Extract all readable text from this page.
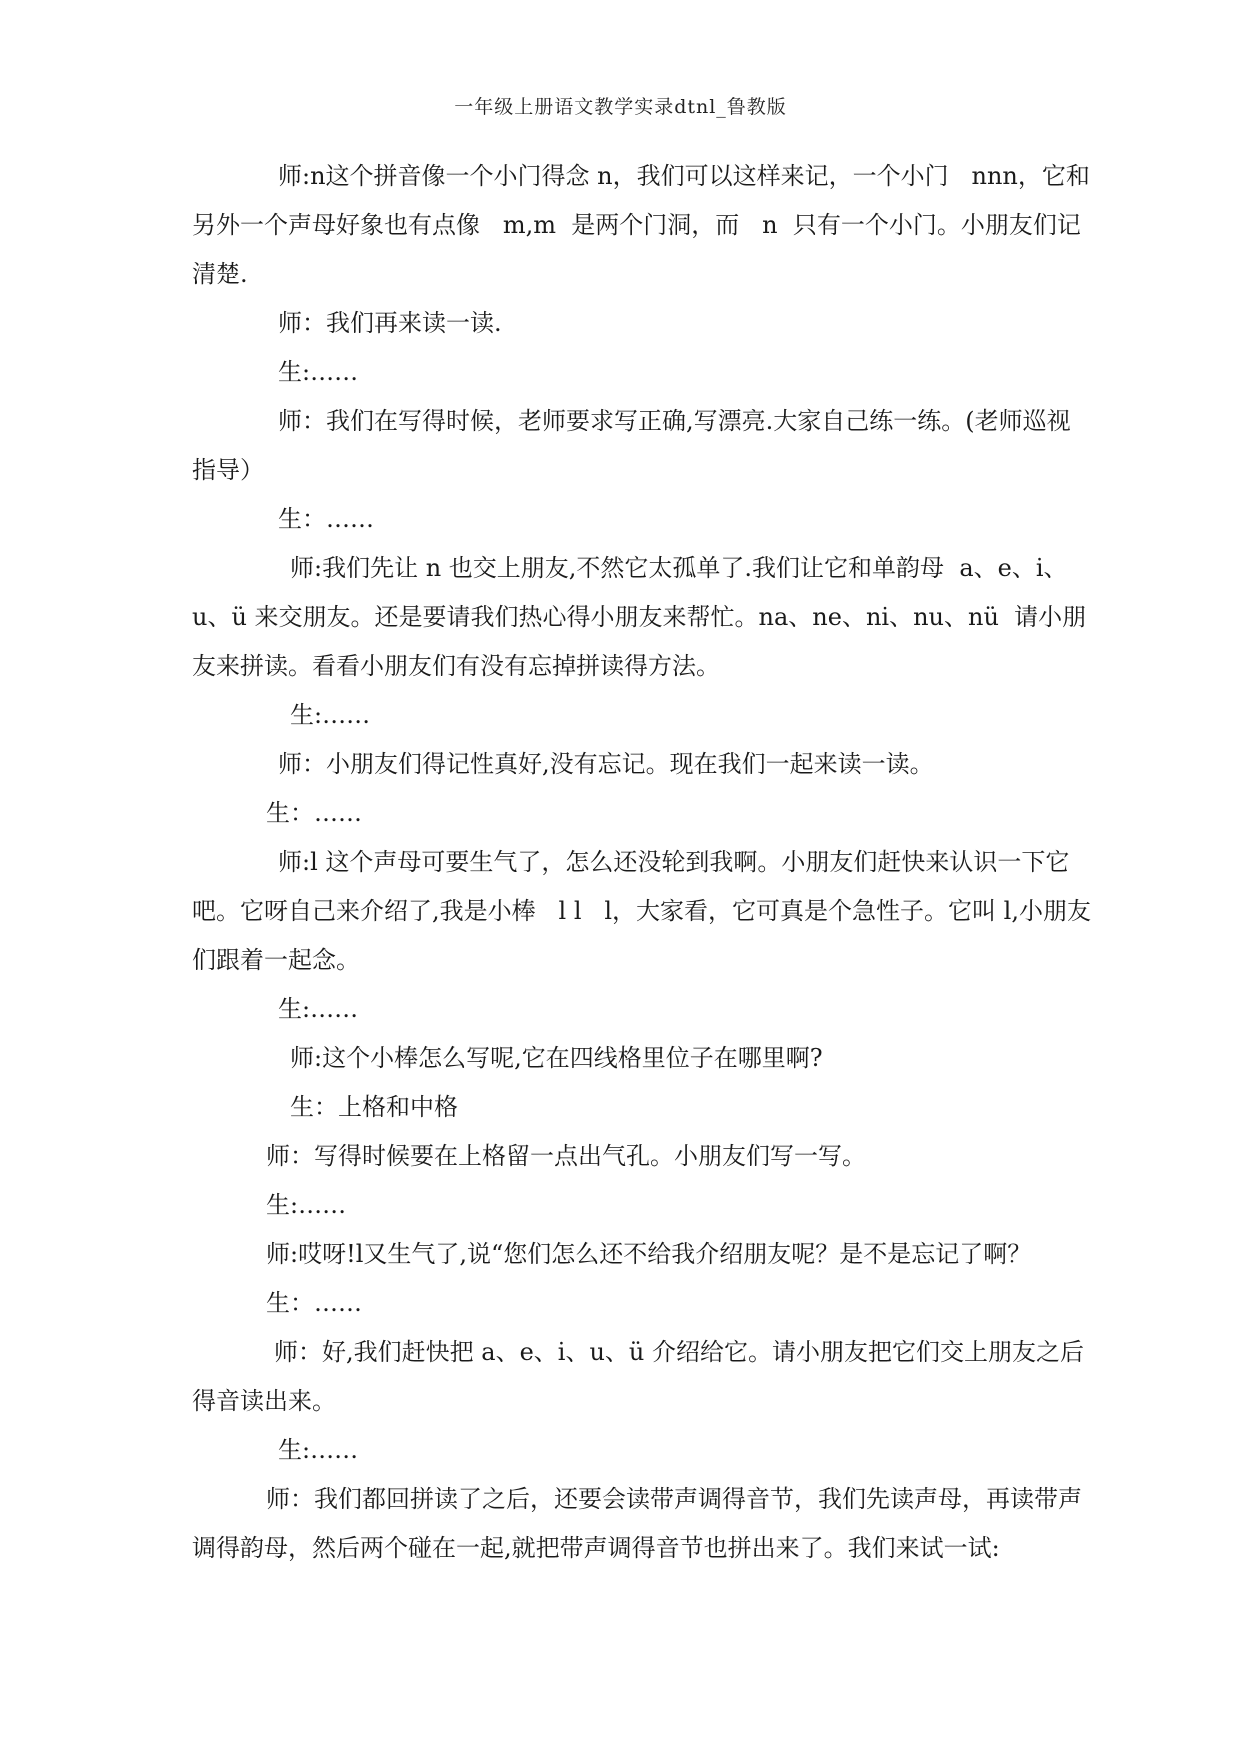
一年级上册语文教学实录dtnl_鲁教版

师:n这个拼音像一个小门得念 n，我们可以这样来记，一个小门   nnn，它和另外一个声母好象也有点像   m,m  是两个门洞，而   n  只有一个小门。小朋友们记清楚.

师：我们再来读一读.

生:……

师：我们在写得时候，老师要求写正确,写漂亮.大家自己练一练。(老师巡视指导）

生：……

师:我们先让 n 也交上朋友,不然它太孤单了.我们让它和单韵母  a、e、i、u、ü 来交朋友。还是要请我们热心得小朋友来帮忙。na、ne、ni、nu、nü  请小朋友来拼读。看看小朋友们有没有忘掉拼读得方法。

生:……

师：小朋友们得记性真好,没有忘记。现在我们一起来读一读。

生：……

师:l 这个声母可要生气了，怎么还没轮到我啊。小朋友们赶快来认识一下它吧。它呀自己来介绍了,我是小棒   l l   l，大家看，它可真是个急性子。它叫 l,小朋友们跟着一起念。

生:……

师:这个小棒怎么写呢,它在四线格里位子在哪里啊?

生：上格和中格

师：写得时候要在上格留一点出气孔。小朋友们写一写。

生:……

师:哎呀!l又生气了,说“您们怎么还不给我介绍朋友呢？是不是忘记了啊？

生：……

师：好,我们赶快把 a、e、i、u、ü 介绍给它。请小朋友把它们交上朋友之后得音读出来。

生:……

师：我们都回拼读了之后，还要会读带声调得音节，我们先读声母，再读带声调得韵母，然后两个碰在一起,就把带声调得音节也拼出来了。我们来试一试:
